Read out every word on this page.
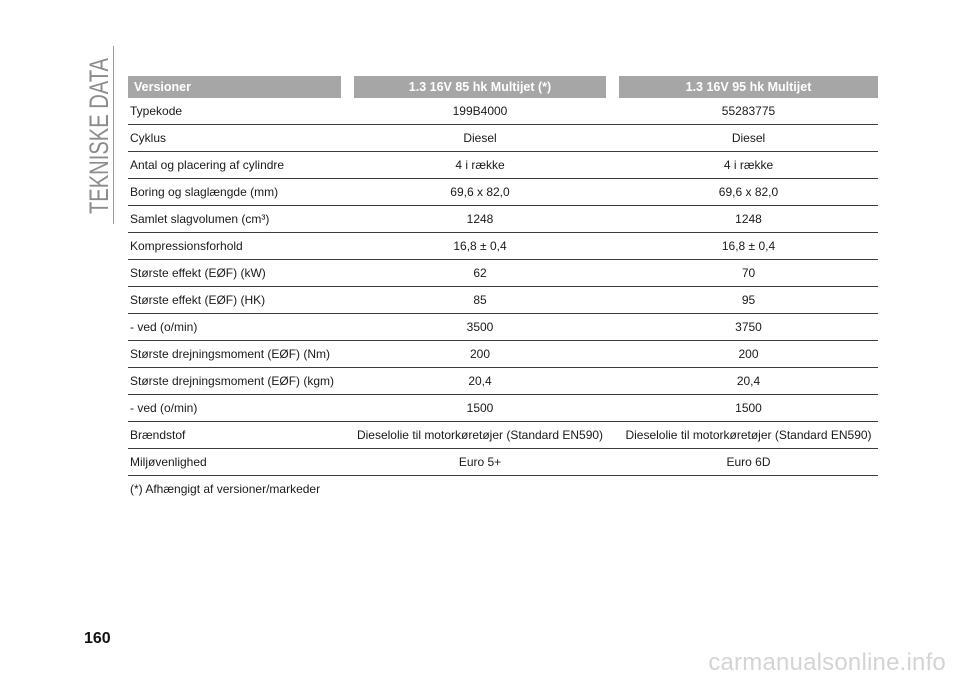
TEKNISKE DATA	Versioner	1.3 16V 85 hk Multijet (*)	1.3 16V 95 hk Multijet
Typekode	199B4000	55283775
Cyklus	Diesel	Diesel
Antal og placering af cylindre	4 i række	4 i række
Boring og slaglængde (mm)	69,6 x 82,0	69,6 x 82,0
Samlet slagvolumen (cm³)	1248	1248
Kompressionsforhold	16,8 ± 0,4	16,8 ± 0,4
Største effekt (EØF) (kW)	62	70
Største effekt (EØF) (HK)	85	95
- ved (o/min)	3500	3750
Største drejningsmoment (EØF) (Nm)	200	200
Største drejningsmoment (EØF) (kgm)	20,4	20,4
- ved (o/min)	1500	1500
Brændstof	Dieselolie til motorkøretøjer (Standard EN590)	Dieselolie til motorkøretøjer (Standard EN590)
Miljøvenlighed	Euro 5+	Euro 6D
(*) Afhængigt af versioner/markeder
160
carmanualsonline.info
